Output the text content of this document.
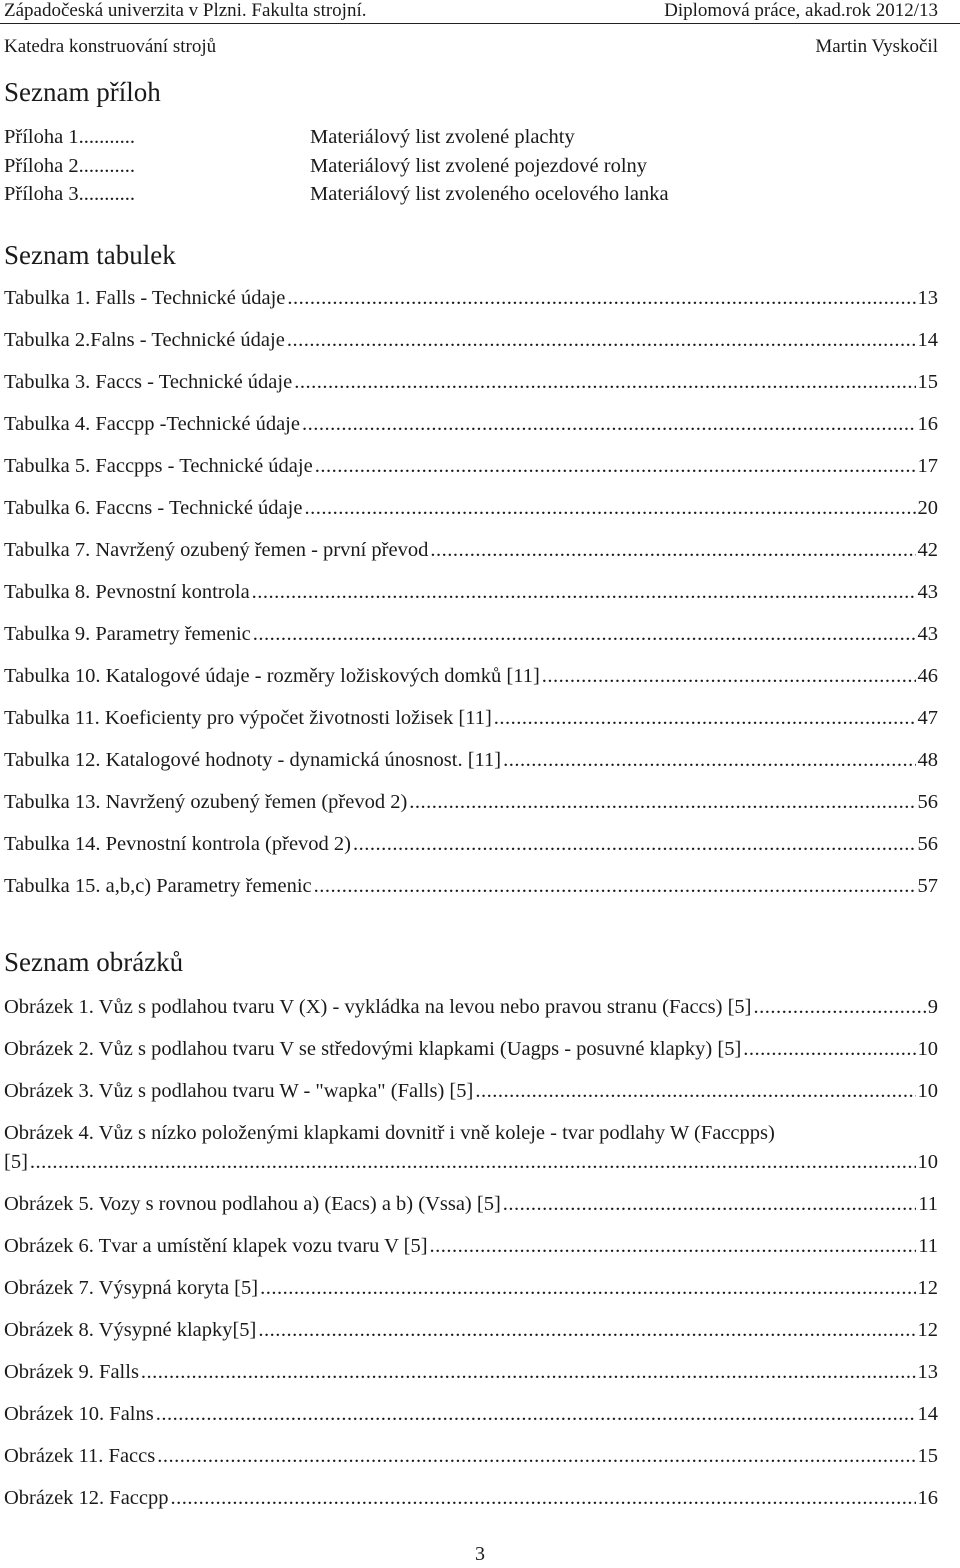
Západočeská univerzita v Plzni. Fakulta strojní.	Diplomová práce, akad.rok 2012/13
Katedra konstruování strojů	Martin Vyskočil
Seznam příloh
Příloha 1...........	Materiálový list zvolené plachty
Příloha 2...........	Materiálový list zvolené pojezdové rolny
Příloha 3...........	Materiálový list zvoleného ocelového lanka
Seznam tabulek
Tabulka 1. Falls - Technické údaje .....	13
Tabulka 2.Falns - Technické údaje .....	14
Tabulka 3. Faccs - Technické údaje .....	15
Tabulka 4. Faccpp -Technické údaje .....	16
Tabulka 5. Faccpps - Technické údaje .....	17
Tabulka 6. Faccns - Technické údaje .....	20
Tabulka 7. Navržený ozubený řemen - první převod .....	42
Tabulka 8. Pevnostní kontrola .....	43
Tabulka 9. Parametry řemenic .....	43
Tabulka 10. Katalogové údaje - rozměry ložiskových domků [11] .....	46
Tabulka 11. Koeficienty pro výpočet životnosti ložisek [11] .....	47
Tabulka 12. Katalogové hodnoty - dynamická únosnost. [11] .....	48
Tabulka 13. Navržený ozubený řemen (převod 2) .....	56
Tabulka 14. Pevnostní kontrola (převod 2) .....	56
Tabulka 15. a,b,c) Parametry řemenic .....	57
Seznam obrázků
Obrázek 1. Vůz s podlahou tvaru V (X) - vykládka na levou nebo pravou stranu (Faccs) [5] .....	9
Obrázek 2. Vůz s podlahou tvaru V se středovými klapkami (Uagps - posuvné klapky) [5] .....	10
Obrázek 3. Vůz s podlahou tvaru W - "wapka" (Falls) [5] .....	10
Obrázek 4. Vůz s nízko položenými klapkami dovnitř i vně koleje - tvar podlahy W (Faccpps)
[5] .....	10
Obrázek 5. Vozy s rovnou podlahou a) (Eacs) a b) (Vssa) [5] .....	11
Obrázek 6. Tvar a umístění klapek vozu tvaru V [5] .....	11
Obrázek 7. Výsypná koryta [5] .....	12
Obrázek 8. Výsypné klapky[5] .....	12
Obrázek 9. Falls .....	13
Obrázek 10. Falns .....	14
Obrázek 11. Faccs .....	15
Obrázek 12. Faccpp .....	16
3
